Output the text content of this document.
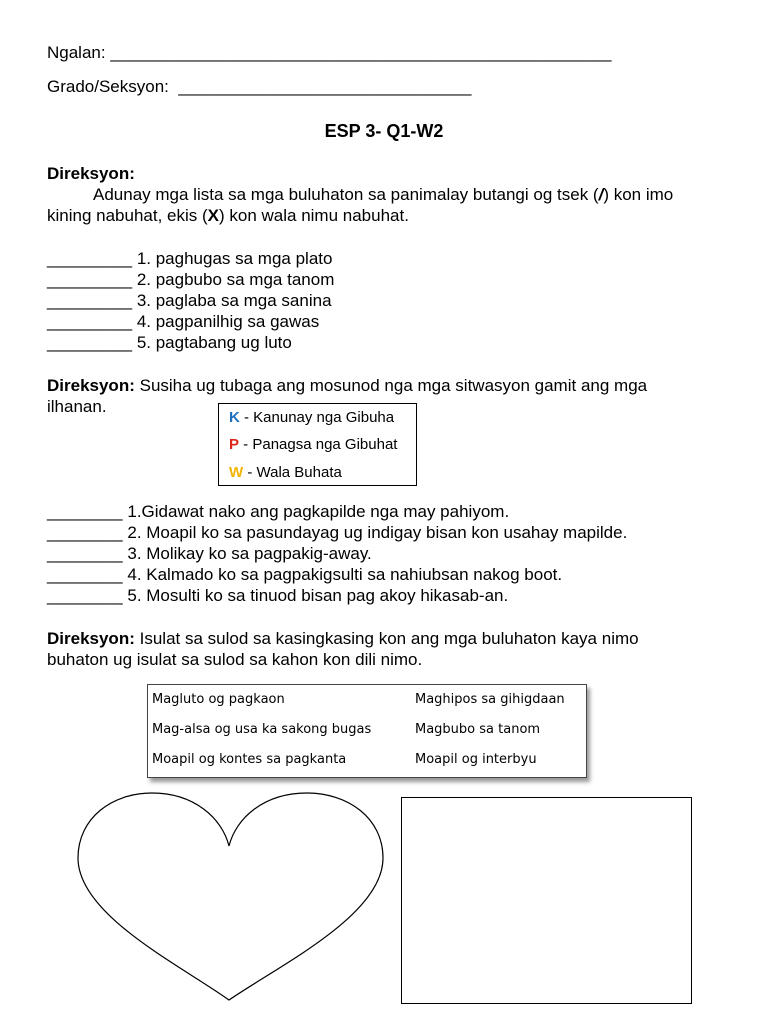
Ngalan: _____________________________________________________
Grado/Seksyon: _______________________________
ESP 3- Q1-W2
Direksyon:
Adunay mga lista sa mga buluhaton sa panimalay butangi og tsek (/) kon imo
kining nabuhat, ekis (X) kon wala nimu nabuhat.
_________ 1. paghugas sa mga plato
_________ 2. pagbubo sa mga tanom
_________ 3. paglaba sa mga sanina
_________ 4. pagpanilhig sa gawas
_________ 5. pagtabang ug luto
Direksyon: Susiha ug tubaga ang mosunod nga mga sitwasyon gamit ang mga
ilhanan.
K - Kanunay nga Gibuha
P - Panagsa nga Gibuhat
W - Wala Buhata
________ 1.Gidawat nako ang pagkapilde nga may pahiyom.
________ 2. Moapil ko sa pasundayag ug indigay bisan kon usahay mapilde.
________ 3. Molikay ko sa pagpakig-away.
________ 4. Kalmado ko sa pagpakigsulti sa nahiubsan nakog boot.
________ 5. Mosulti ko sa tinuod bisan pag akoy hikasab-an.
Direksyon: Isulat sa sulod sa kasingkasing kon ang mga buluhaton kaya nimo
buhaton ug isulat sa sulod sa kahon kon dili nimo.
Magluto og pagkaon
Mag-alsa og usa ka sakong bugas
Moapil og kontes sa pagkanta
Maghipos sa gihigdaan
Magbubo sa tanom
Moapil og interbyu
